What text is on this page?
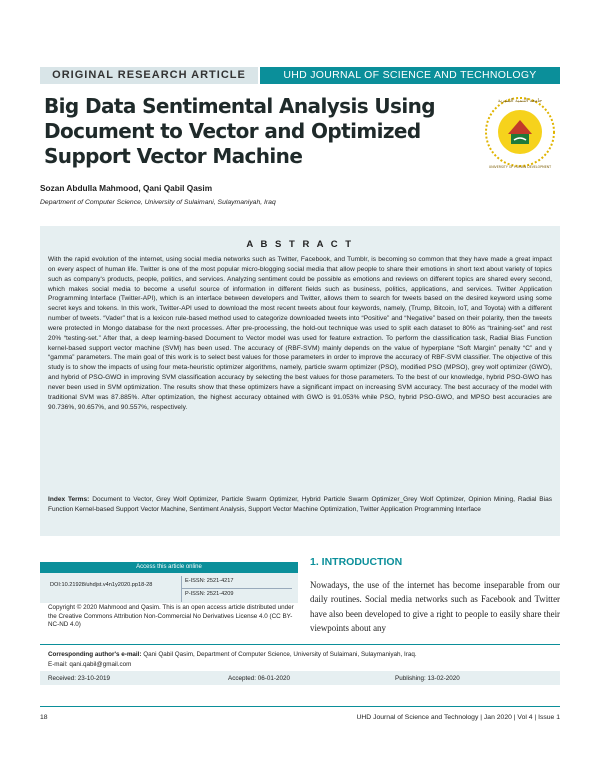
ORIGINAL RESEARCH ARTICLE	UHD JOURNAL OF SCIENCE AND TECHNOLOGY
Big Data Sentimental Analysis Using Document to Vector and Optimized Support Vector Machine
جامعة التنمية البشرية
UNIVERSITY OF HUMAN DEVELOPMENT
Sozan Abdulla Mahmood, Qani Qabil Qasim
Department of Computer Science, University of Sulaimani, Sulaymaniyah, Iraq
A B S T R A C T
With the rapid evolution of the internet, using social media networks such as Twitter, Facebook, and Tumblr, is becoming so common that they have made a great impact on every aspect of human life. Twitter is one of the most popular micro-blogging social media that allow people to share their emotions in short text about variety of topics such as company's products, people, politics, and services. Analyzing sentiment could be possible as emotions and reviews on different topics are shared every second, which makes social media to become a useful source of information in different fields such as business, politics, applications, and services. Twitter Application Programming Interface (Twitter-API), which is an interface between developers and Twitter, allows them to search for tweets based on the desired keyword using some secret keys and tokens. In this work, Twitter-API used to download the most recent tweets about four keywords, namely, (Trump, Bitcoin, IoT, and Toyota) with a different number of tweets. “Vader” that is a lexicon rule-based method used to categorize downloaded tweets into “Positive” and “Negative” based on their polarity, then the tweets were protected in Mongo database for the next processes. After pre-processing, the hold-out technique was used to split each dataset to 80% as “training-set” and rest 20% “testing-set.” After that, a deep learning-based Document to Vector model was used for feature extraction. To perform the classification task, Radial Bias Function kernel-based support vector machine (SVM) has been used. The accuracy of (RBF-SVM) mainly depends on the value of hyperplane “Soft Margin” penalty “C” and γ “gamma” parameters. The main goal of this work is to select best values for those parameters in order to improve the accuracy of RBF-SVM classifier. The objective of this study is to show the impacts of using four meta-heuristic optimizer algorithms, namely, particle swarm optimizer (PSO), modified PSO (MPSO), grey wolf optimizer (GWO), and hybrid of PSO-GWO in improving SVM classification accuracy by selecting the best values for those parameters. To the best of our knowledge, hybrid PSO-GWO has never been used in SVM optimization. The results show that these optimizers have a significant impact on increasing SVM accuracy. The best accuracy of the model with traditional SVM was 87.885%. After optimization, the highest accuracy obtained with GWO is 91.053% while PSO, hybrid PSO-GWO, and MPSO best accuracies are 90.736%, 90.657%, and 90.557%, respectively.
Index Terms: Document to Vector, Grey Wolf Optimizer, Particle Swarm Optimizer, Hybrid Particle Swarm Optimizer_Grey Wolf Optimizer, Opinion Mining, Radial Bias Function Kernel-based Support Vector Machine, Sentiment Analysis, Support Vector Machine Optimization, Twitter Application Programming Interface
Access this article online
DOI:10.21928/uhdjst.v4n1y2020.pp18-28
E-ISSN: 2521-4217
P-ISSN: 2521-4209
Copyright © 2020 Mahmood and Qasim. This is an open access article distributed under the Creative Commons Attribution Non-Commercial No Derivatives License 4.0 (CC BY-NC-ND 4.0)
1. INTRODUCTION
Nowadays, the use of the internet has become inseparable from our daily routines. Social media networks such as Facebook and Twitter have also been developed to give a right to people to easily share their viewpoints about any
Corresponding author's e-mail: Qani Qabil Qasim, Department of Computer Science, University of Sulaimani, Sulaymaniyah, Iraq.
E-mail: qani.qabil@gmail.com
Received: 23-10-2019	Accepted: 06-01-2020	Publishing: 13-02-2020
18	UHD Journal of Science and Technology | Jan 2020 | Vol 4 | Issue 1
